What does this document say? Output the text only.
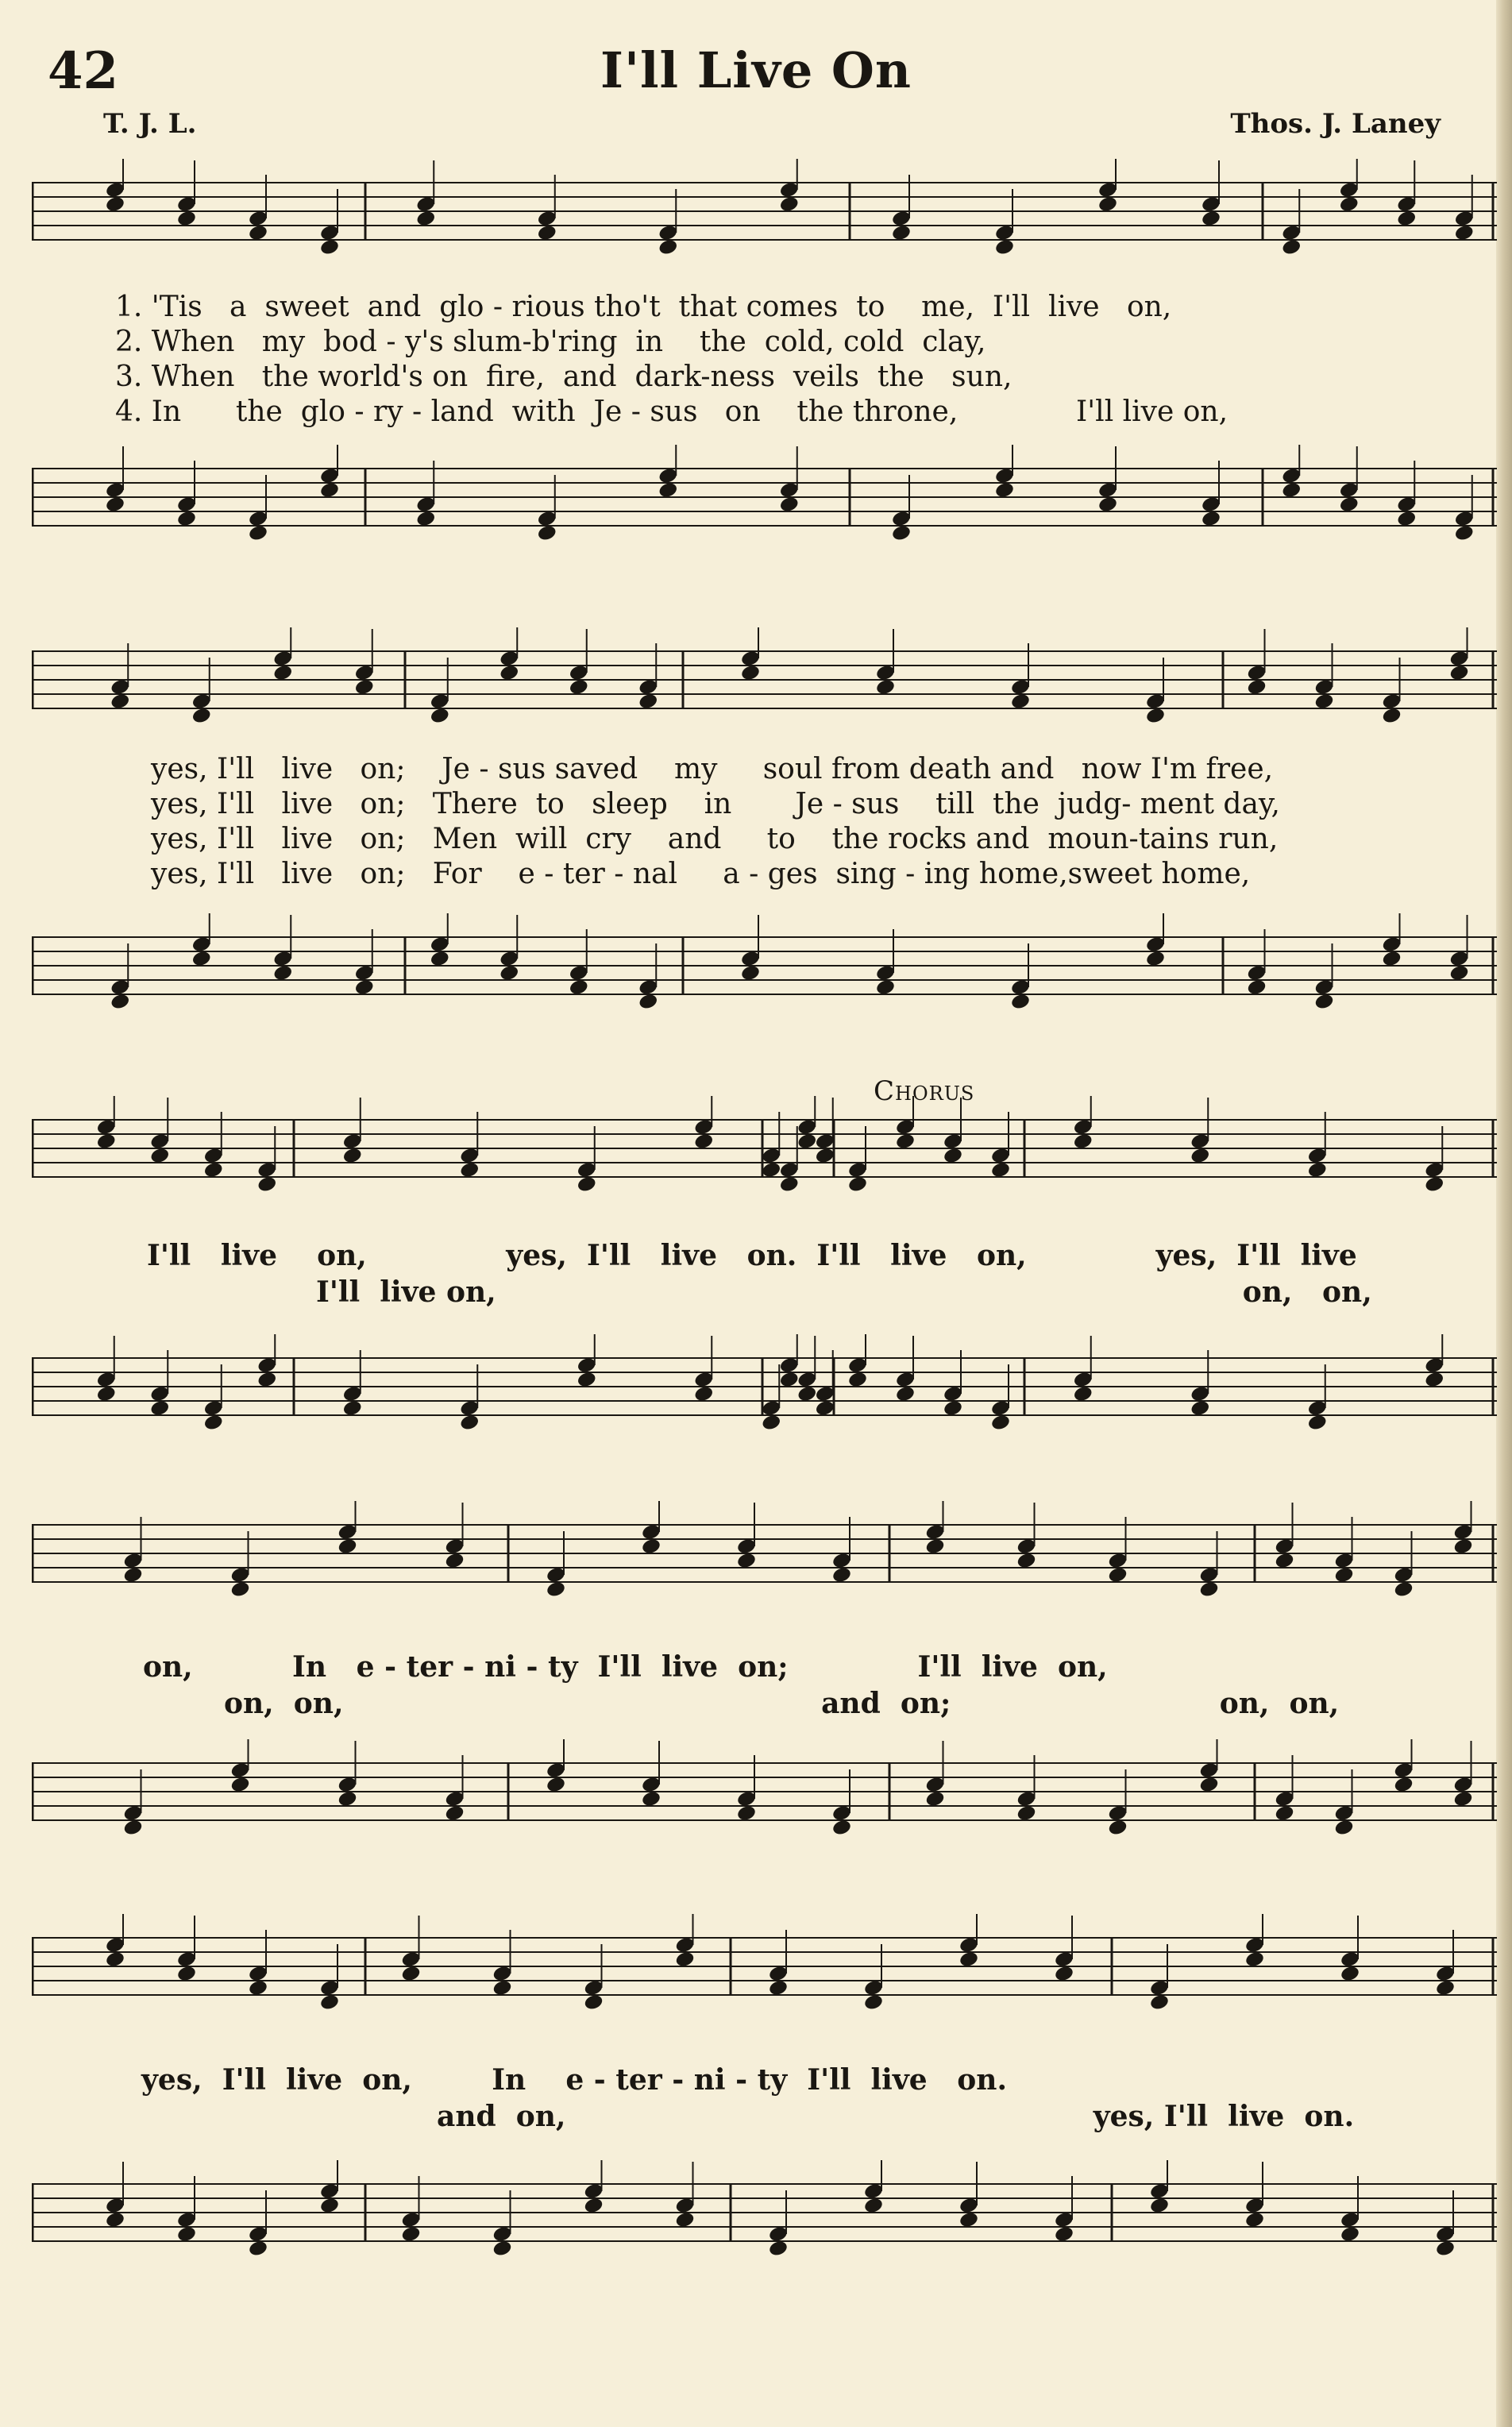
42	I'll Live On
T. J. L.	Thos. J. Laney
Chorus
1. 'Tis   a  sweet  and  glo - rious tho't  that comes  to    me,  I'll  live   on,
2. When   my  bod - y's slum-b'ring  in    the  cold, cold  clay,
3. When   the world's on  fire,  and  dark-ness  veils  the   sun,
4. In      the  glo - ry - land  with  Je - sus   on    the throne,             I'll live on,
yes, I'll   live   on;    Je - sus saved    my     soul from death and   now I'm free,
yes, I'll   live   on;   There  to   sleep    in       Je - sus    till  the  judg- ment day,
yes, I'll   live   on;   Men  will  cry    and     to    the rocks and  moun-tains run,
yes, I'll   live   on;   For    e - ter - nal     a - ges  sing - ing home,sweet home,
I'll   live    on,              yes,  I'll   live   on.  I'll   live   on,             yes,  I'll  live
I'll  live on,                                                                           on,   on,
on,          In   e - ter - ni - ty  I'll  live  on;             I'll  live  on,
on,  on,                                                and  on;                           on,  on,
yes,  I'll  live  on,        In    e - ter - ni - ty  I'll  live   on.
and  on,                                                     yes, I'll  live  on.
